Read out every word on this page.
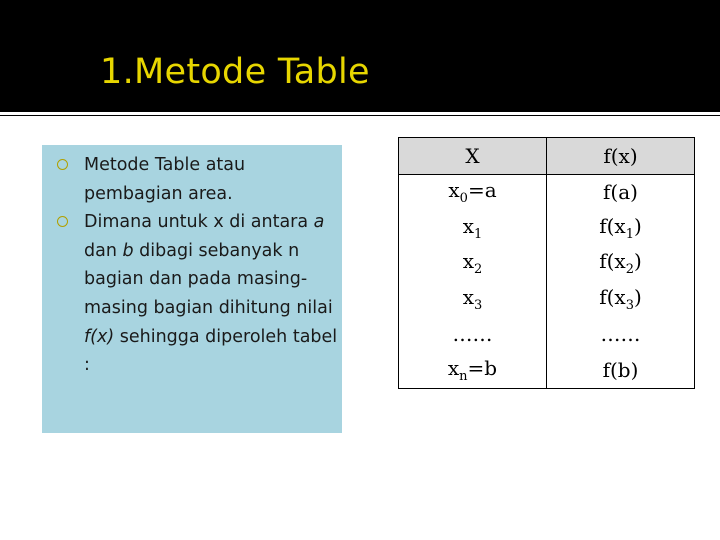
1.Metode Table
Metode Table atau pembagian area.
Dimana untuk x di antara a dan b dibagi sebanyak n bagian dan pada masing-masing bagian dihitung nilai f(x) sehingga diperoleh tabel :
X	f(x)
$x_0=a$	f(a)
$x_1$	$f(x_1)$
$x_2$	$f(x_2)$
$x_3$	$f(x_3)$
……	……
$x_n=b$	f(b)
